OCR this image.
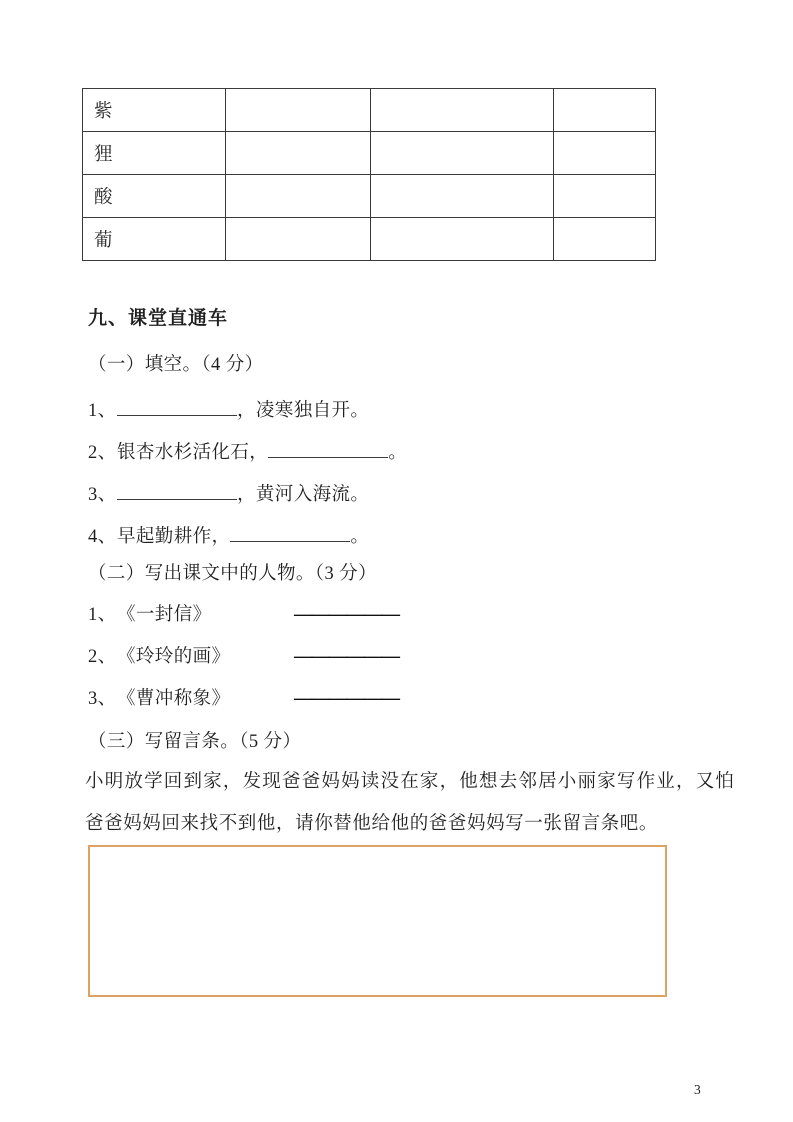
紫			
狸			
酸			
葡			
九、课堂直通车
（一）填空。（4 分）
1、	，凌寒独自开。
2、银杏水杉活化石，	。
3、	，黄河入海流。
4、早起勤耕作，	。
（二）写出课文中的人物。（3 分）
1、《一封信》	——————
2、《玲玲的画》	——————
3、《曹冲称象》	——————
（三）写留言条。（5 分）
小明放学回到家，发现爸爸妈妈读没在家，他想去邻居小丽家写作业，又怕
爸爸妈妈回来找不到他，请你替他给他的爸爸妈妈写一张留言条吧。
3
